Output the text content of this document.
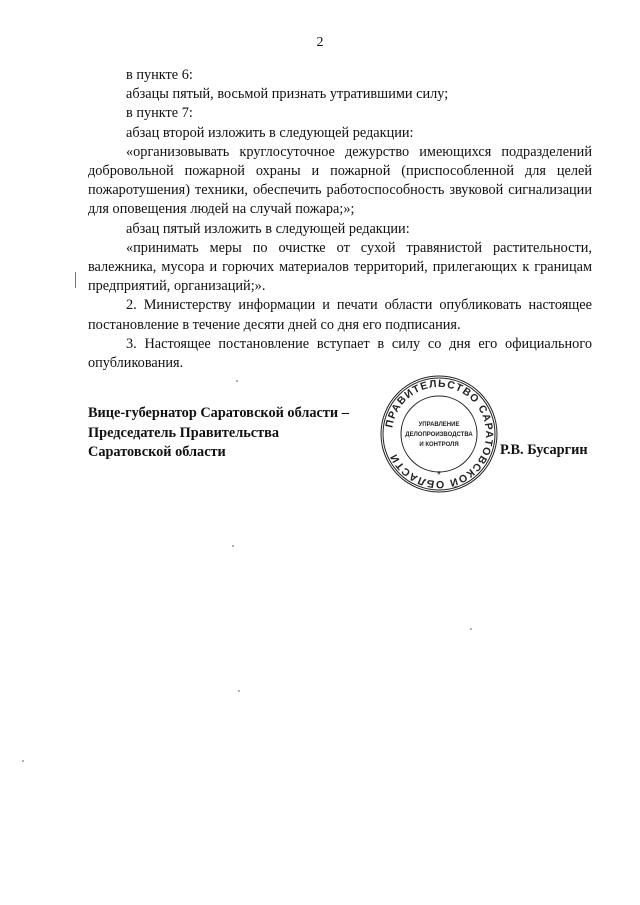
2

в пункте 6:

абзацы пятый, восьмой признать утратившими силу;

в пункте 7:

абзац второй изложить в следующей редакции:

«организовывать круглосуточное дежурство имеющихся подразделений добровольной пожарной охраны и пожарной (приспособленной для целей пожаротушения) техники, обеспечить работоспособность звуковой сигнализации для оповещения людей на случай пожара;»;

абзац пятый изложить в следующей редакции:

«принимать меры по очистке от сухой травянистой растительности, валежника, мусора и горючих материалов территорий, прилегающих к границам предприятий, организаций;».

2. Министерству информации и печати области опубликовать настоящее постановление в течение десяти дней со дня его подписания.

3. Настоящее постановление вступает в силу со дня его официального опубликования.

Вице-губернатор Саратовской области –
Председатель Правительства
Саратовской области	Р.В. Бусаргин
ПРАВИТЕЛЬСТВО САРАТОВСКОЙ ОБЛАСТИ
*
УПРАВЛЕНИЕ
ДЕЛОПРОИЗВОДСТВА
И КОНТРОЛЯ
